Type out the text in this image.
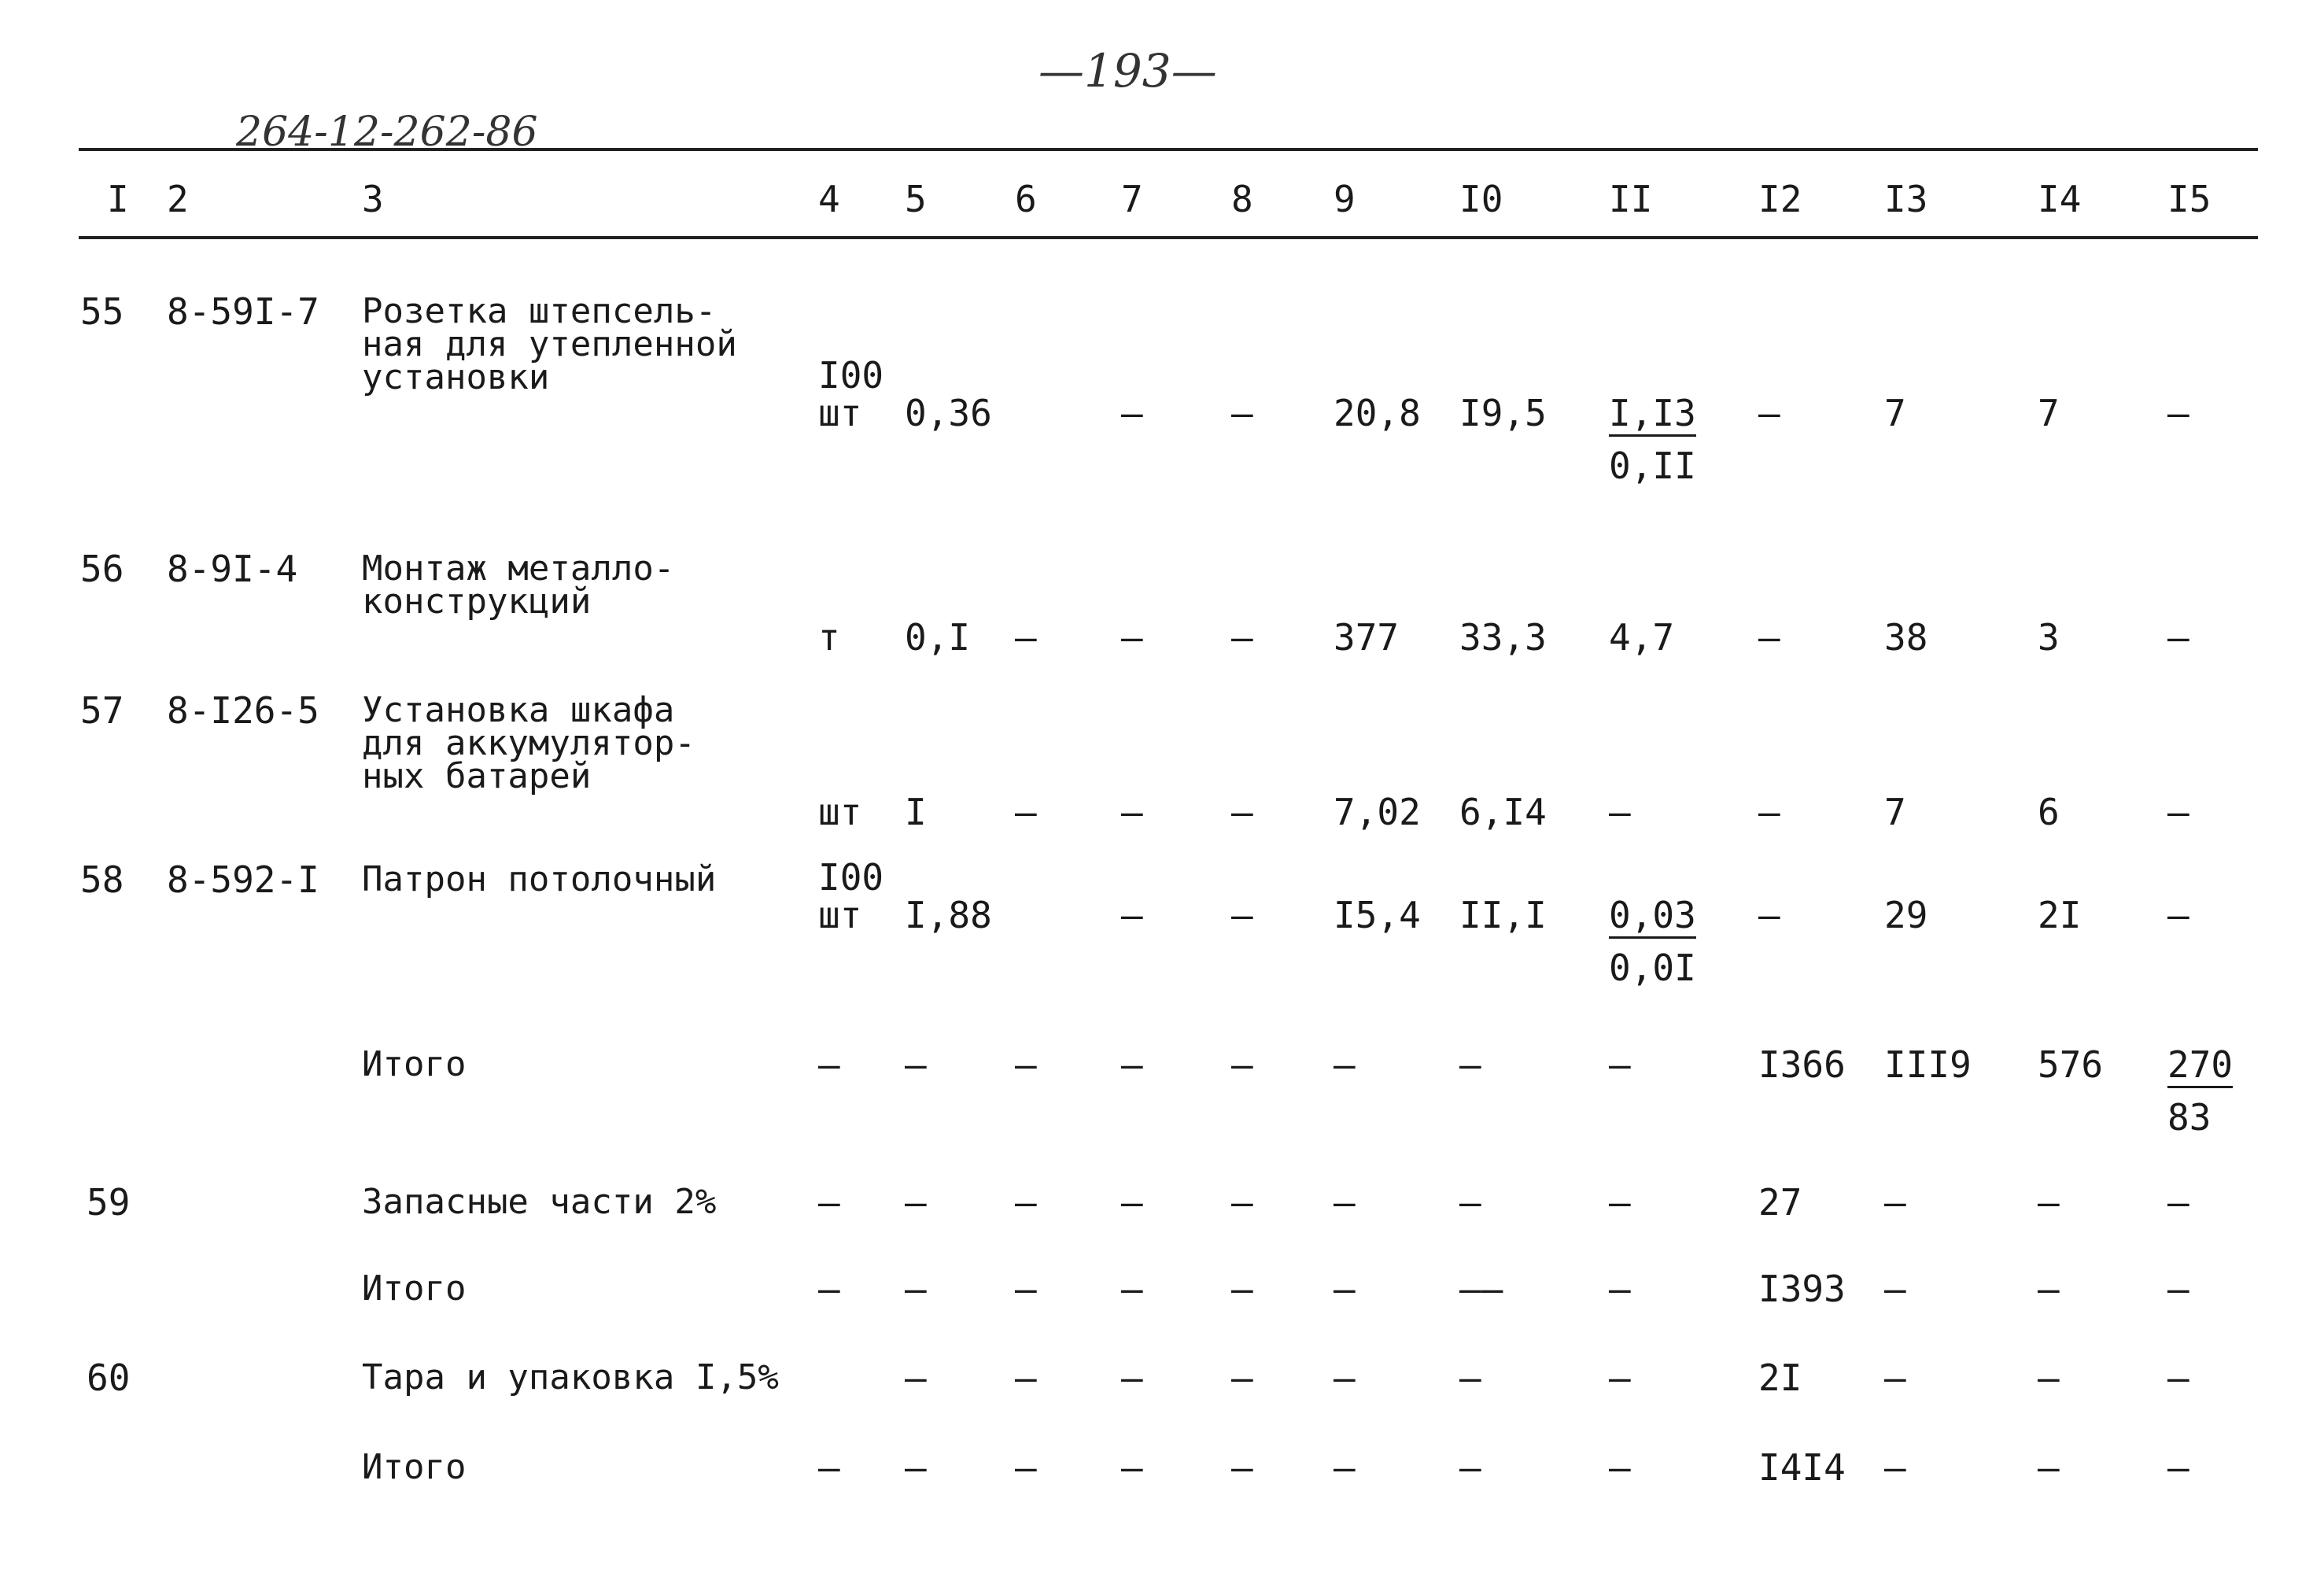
—193—
264-12-262-86
I 2	3	4 5 6 7 8 9	I0	II	I2 I3	I4 I5
55 8-59I-7 Розетка штепсель-
ная для утепленной
установки	I00
шт 0,36	– – 20,8 $I9,5 \frac{I,I3}{0,II}$ –	7	7	–
56 8-9I-4 Монтаж металло-
конструкций
т 0,I – – – 377 33,3 4,7 –	38	3	–
57 8-I26-5 Установка шкафа
для аккумулятор-
ных батарей
шт I – – – 7,02 6,I4 –	–	7	6	–
58 8-592-I Патрон потолочный	I00
шт I,88	– – I5,4 $II,I \frac{0,03}{0,0I}$ –	29	2I –
Итого	– – – – – –	–	–	I366 III9 $576 \frac{270}{83}$
59	Запасные части 2%	– – – – – –	–	–	27 –	–	–
Итого	– – – – – –	––	–	I393 –	–	–
60	Тара и упаковка I,5%	– – – – –	–	–	2I –	–	–
Итого	– – – – – –	–	–	I4I4 –	–	–
